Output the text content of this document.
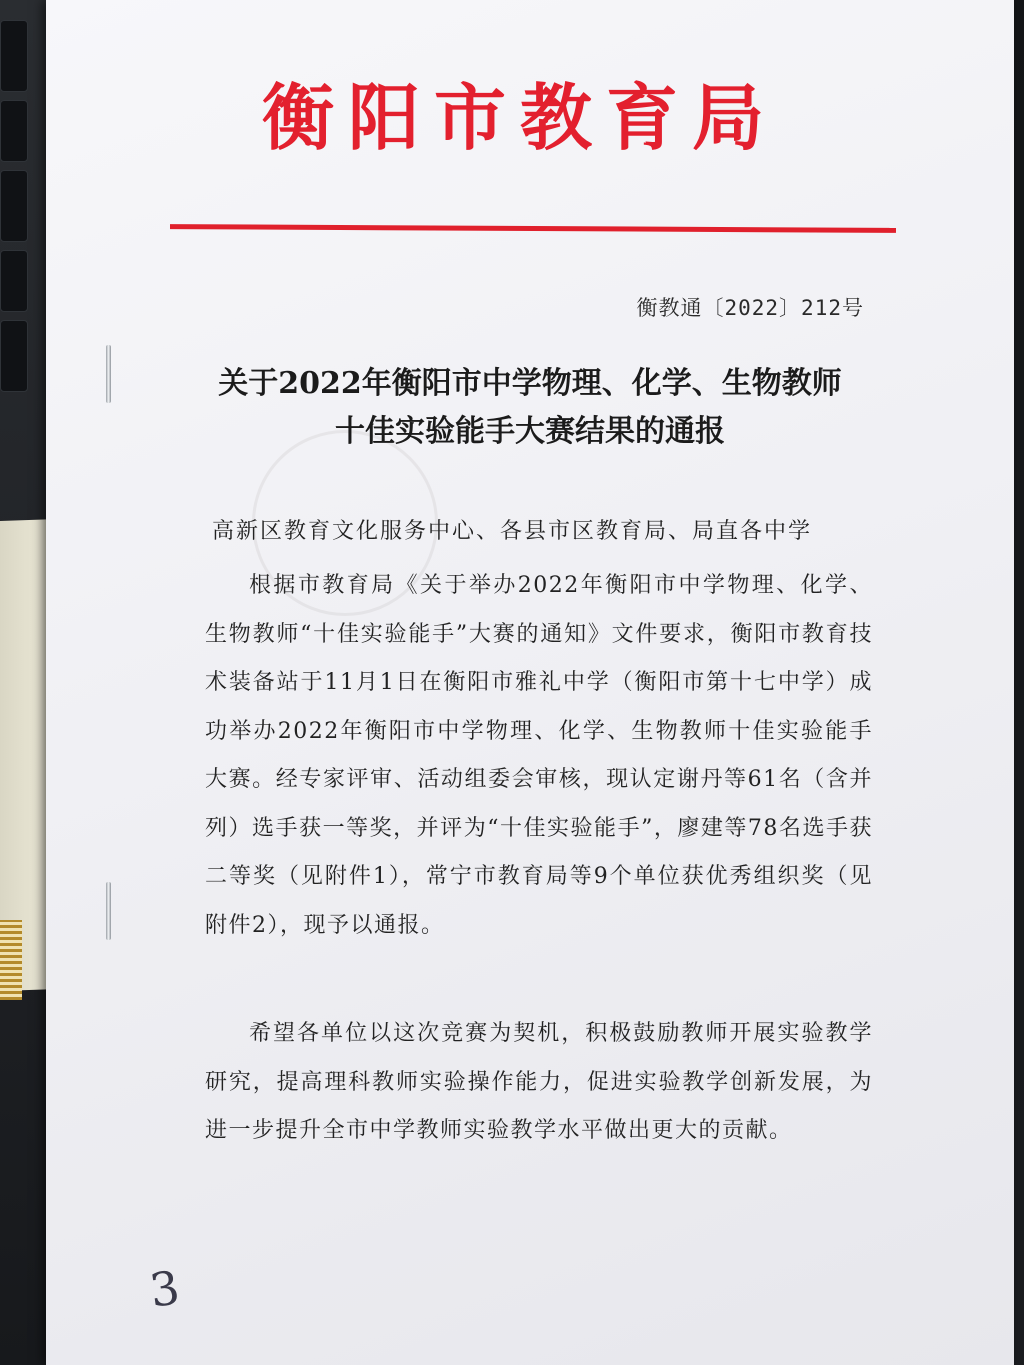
衡阳市教育局
衡教通〔2022〕212号
关于2022年衡阳市中学物理、化学、生物教师
十佳实验能手大赛结果的通报
高新区教育文化服务中心、各县市区教育局、局直各中学

根据市教育局《关于举办2022年衡阳市中学物理、化学、生物教师“十佳实验能手”大赛的通知》文件要求，衡阳市教育技术装备站于11月1日在衡阳市雅礼中学（衡阳市第十七中学）成功举办2022年衡阳市中学物理、化学、生物教师十佳实验能手大赛。经专家评审、活动组委会审核，现认定谢丹等61名（含并列）选手获一等奖，并评为“十佳实验能手”，廖建等78名选手获二等奖（见附件1），常宁市教育局等9个单位获优秀组织奖（见附件2），现予以通报。

希望各单位以这次竞赛为契机，积极鼓励教师开展实验教学研究，提高理科教师实验操作能力，促进实验教学创新发展，为进一步提升全市中学教师实验教学水平做出更大的贡献。

3
